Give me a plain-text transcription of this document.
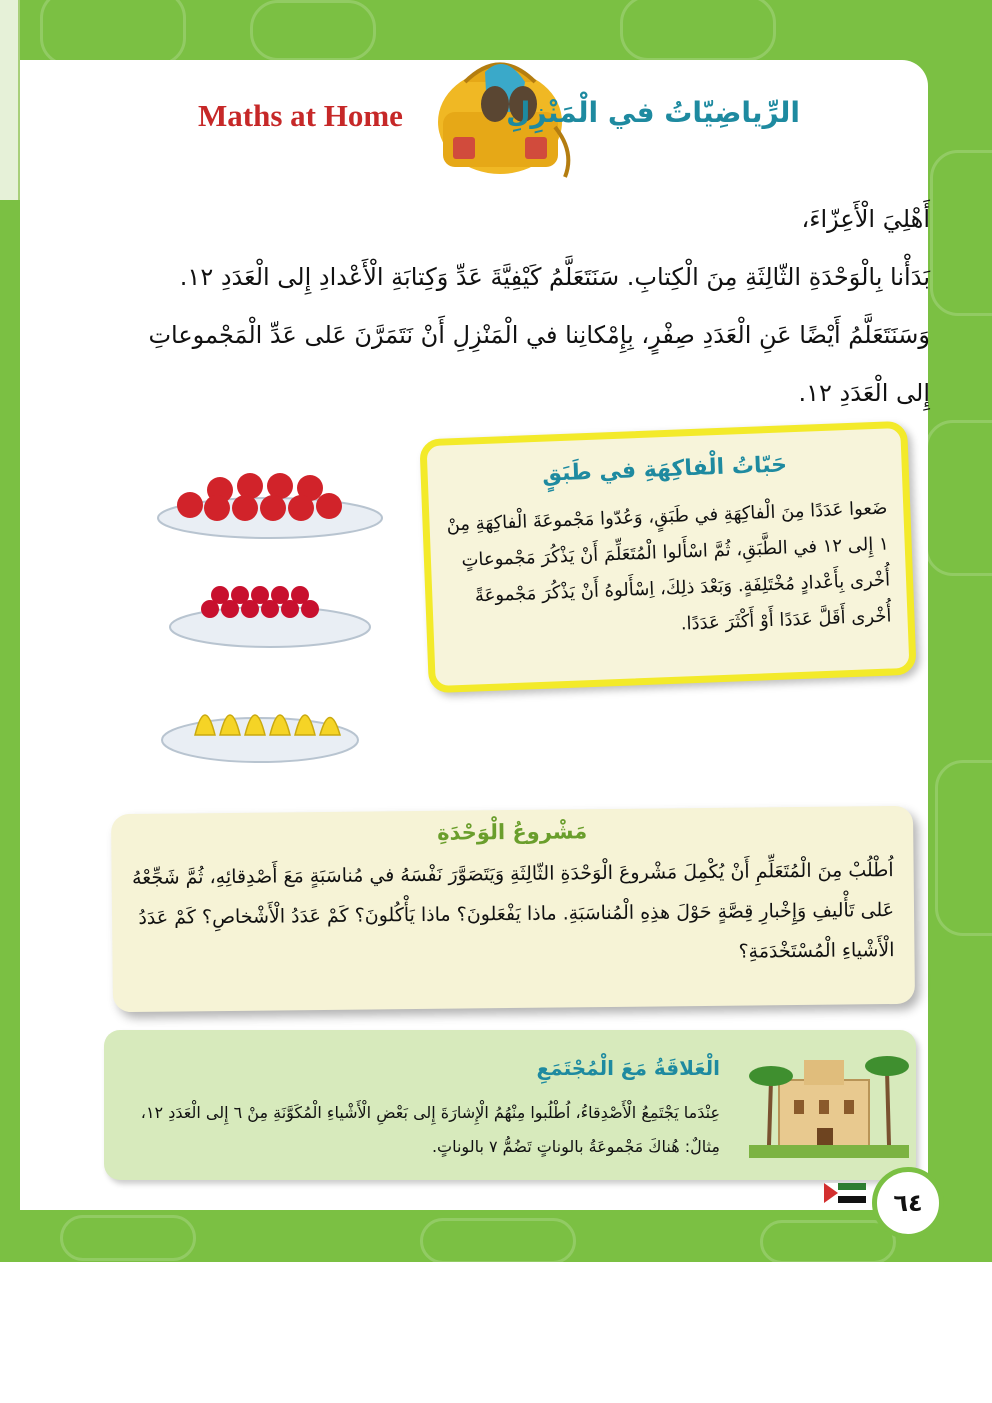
Maths at Home	الرِّياضِيّاتُ في الْمَنْزِلِ

أَهْلِيَ الْأَعِزّاءَ،

بَدَأْنا بِالْوَحْدَةِ الثّالِثَةِ مِنَ الْكِتابِ. سَنَتَعَلَّمُ كَيْفِيَّةَ عَدِّ وَكِتابَةِ الْأَعْدادِ إِلى الْعَدَدِ ١٢.

وَسَنَتَعَلَّمُ أَيْضًا عَنِ الْعَدَدِ صِفْرٍ، بِإِمْكانِنا في الْمَنْزِلِ أَنْ نَتَمَرَّنَ عَلى عَدِّ الْمَجْموعاتِ إِلى الْعَدَدِ ١٢.

حَبّاتُ الْفاكِهَةِ في طَبَقٍ
ضَعوا عَدَدًا مِنَ الْفاكِهَةِ في طَبَقٍ، وَعُدّوا مَجْموعَةَ الْفاكِهَةِ مِنْ ١ إِلى ١٢ في الطَّبَقِ، ثُمَّ اسْأَلوا الْمُتَعَلِّمَ أَنْ يَذْكُرَ مَجْموعاتٍ أُخْرى بِأَعْدادٍ مُخْتَلِفَةٍ. وَبَعْدَ ذلِكَ، اِسْأَلوهُ أَنْ يَذْكُرَ مَجْموعَةً أُخْرى أَقَلَّ عَدَدًا أَوْ أَكْثَرَ عَدَدًا.
مَشْروعُ الْوَحْدَةِ
اُطْلُبْ مِنَ الْمُتَعَلِّمِ أَنْ يُكْمِلَ مَشْروعَ الْوَحْدَةِ الثّالِثَةِ وَيَتَصَوَّرَ نَفْسَهُ في مُناسَبَةٍ مَعَ أَصْدِقائِهِ، ثُمَّ شَجِّعْهُ عَلى تَأْليفِ وَإِخْبارِ قِصَّةٍ حَوْلَ هذِهِ الْمُناسَبَةِ. ماذا يَفْعَلونَ؟ ماذا يَأْكُلونَ؟ كَمْ عَدَدُ الْأَشْخاصِ؟ كَمْ عَدَدُ الْأَشْياءِ الْمُسْتَخْدَمَةِ؟
الْعَلاقَةُ مَعَ الْمُجْتَمَعِ
عِنْدَما يَجْتَمِعُ الْأَصْدِقاءُ، اُطْلُبوا مِنْهُمُ الْإِشارَةَ إِلى بَعْضِ الْأَشْياءِ الْمُكَوَّنَةِ مِنْ ٦ إِلى الْعَدَدِ ١٢، مِثالٌ: هُناكَ مَجْموعَةُ بالوناتٍ تَضُمُّ ٧ بالوناتٍ.
٦٤
